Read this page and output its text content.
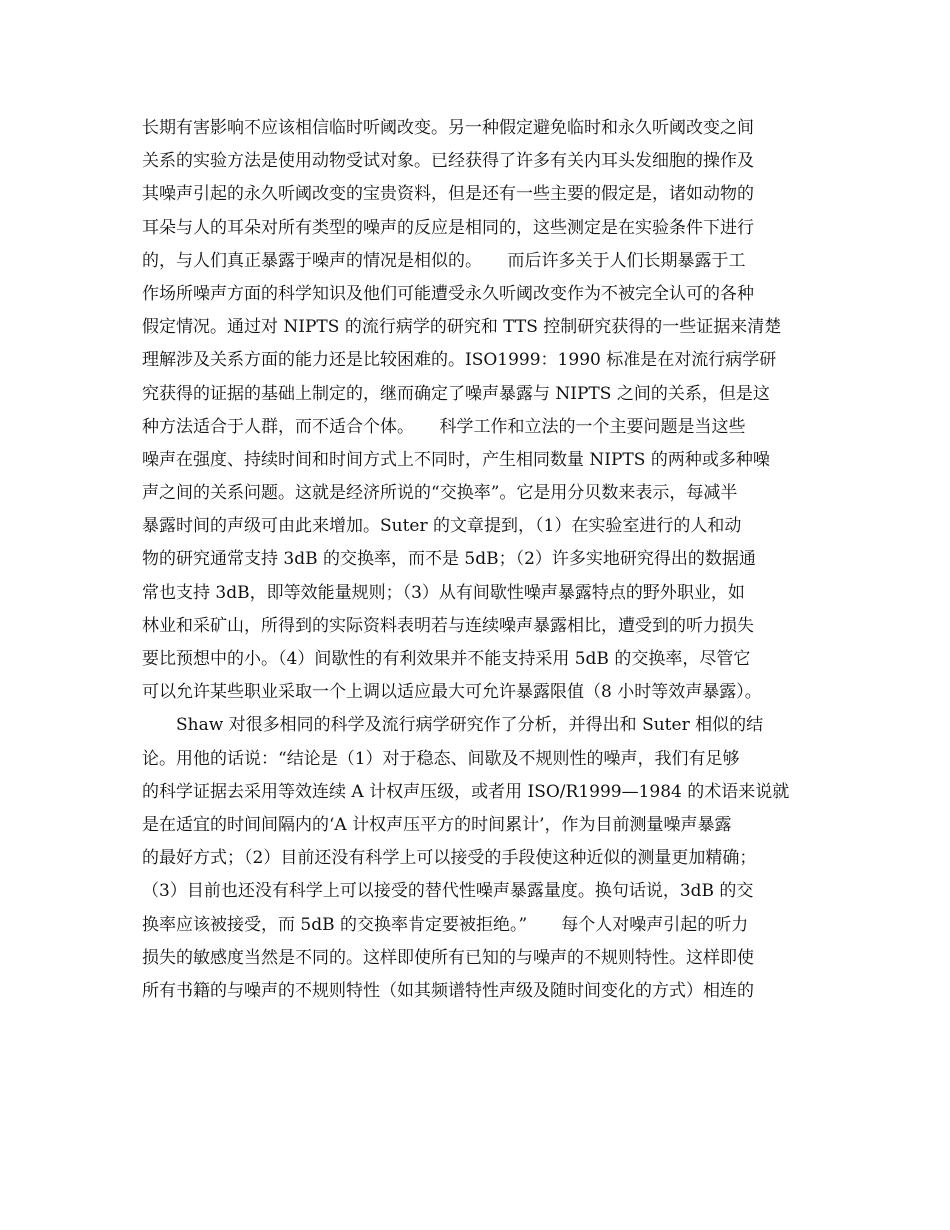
长期有害影响不应该相信临时听阈改变。另一种假定避免临时和永久听阈改变之间
关系的实验方法是使用动物受试对象。已经获得了许多有关内耳头发细胞的操作及
其噪声引起的永久听阈改变的宝贵资料，但是还有一些主要的假定是，诸如动物的
耳朵与人的耳朵对所有类型的噪声的反应是相同的，这些测定是在实验条件下进行
的，与人们真正暴露于噪声的情况是相似的。　　而后许多关于人们长期暴露于工
作场所噪声方面的科学知识及他们可能遭受永久听阈改变作为不被完全认可的各种
假定情况。通过对 NIPTS 的流行病学的研究和 TTS 控制研究获得的一些证据来清楚
理解涉及关系方面的能力还是比较困难的。ISO1999：1990 标准是在对流行病学研
究获得的证据的基础上制定的，继而确定了噪声暴露与 NIPTS 之间的关系，但是这
种方法适合于人群，而不适合个体。　　科学工作和立法的一个主要问题是当这些
噪声在强度、持续时间和时间方式上不同时，产生相同数量 NIPTS 的两种或多种噪
声之间的关系问题。这就是经济所说的“交换率”。它是用分贝数来表示，每减半
暴露时间的声级可由此来增加。Suter 的文章提到，（1）在实验室进行的人和动
物的研究通常支持 3dB 的交换率，而不是 5dB；（2）许多实地研究得出的数据通
常也支持 3dB，即等效能量规则；（3）从有间歇性噪声暴露特点的野外职业，如
林业和采矿山，所得到的实际资料表明若与连续噪声暴露相比，遭受到的听力损失
要比预想中的小。（4）间歇性的有利效果并不能支持采用 5dB 的交换率，尽管它
可以允许某些职业采取一个上调以适应最大可允许暴露限值（8 小时等效声暴露）。
　　Shaw 对很多相同的科学及流行病学研究作了分析，并得出和 Suter 相似的结
论。用他的话说：“结论是（1）对于稳态、间歇及不规则性的噪声，我们有足够
的科学证据去采用等效连续 A 计权声压级，或者用 ISO/R1999—1984 的术语来说就
是在适宜的时间间隔内的‘A 计权声压平方的时间累计’，作为目前测量噪声暴露
的最好方式；（2）目前还没有科学上可以接受的手段使这种近似的测量更加精确；
（3）目前也还没有科学上可以接受的替代性噪声暴露量度。换句话说，3dB 的交
换率应该被接受，而 5dB 的交换率肯定要被拒绝。”　　每个人对噪声引起的听力
损失的敏感度当然是不同的。这样即使所有已知的与噪声的不规则特性。这样即使
所有书籍的与噪声的不规则特性（如其频谱特性声级及随时间变化的方式）相连的
